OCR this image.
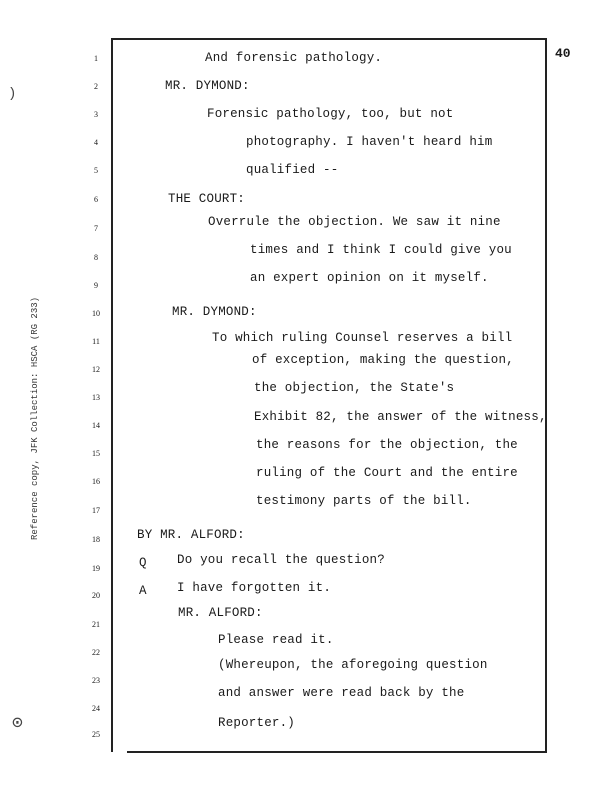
40
Reference copy, JFK Collection: HSCA (RG 233)
)
⊙
1
2
3
4
5
6
7
8
9
10
11
12
13
14
15
16
17
18
19
20
21
22
23
24
25
Q
A
And forensic pathology.
MR. DYMOND:
Forensic pathology, too, but not
photography. I haven't heard him
qualified --
THE COURT:
Overrule the objection. We saw it nine
times and I think I could give you
an expert opinion on it myself.
MR. DYMOND:
To which ruling Counsel reserves a bill
of exception, making the question,
the objection, the State's
Exhibit 82, the answer of the witness,
the reasons for the objection, the
ruling of the Court and the entire
testimony parts of the bill.
BY MR. ALFORD:
Do you recall the question?
I have forgotten it.
MR. ALFORD:
Please read it.
(Whereupon, the aforegoing question
and answer were read back by the
Reporter.)
